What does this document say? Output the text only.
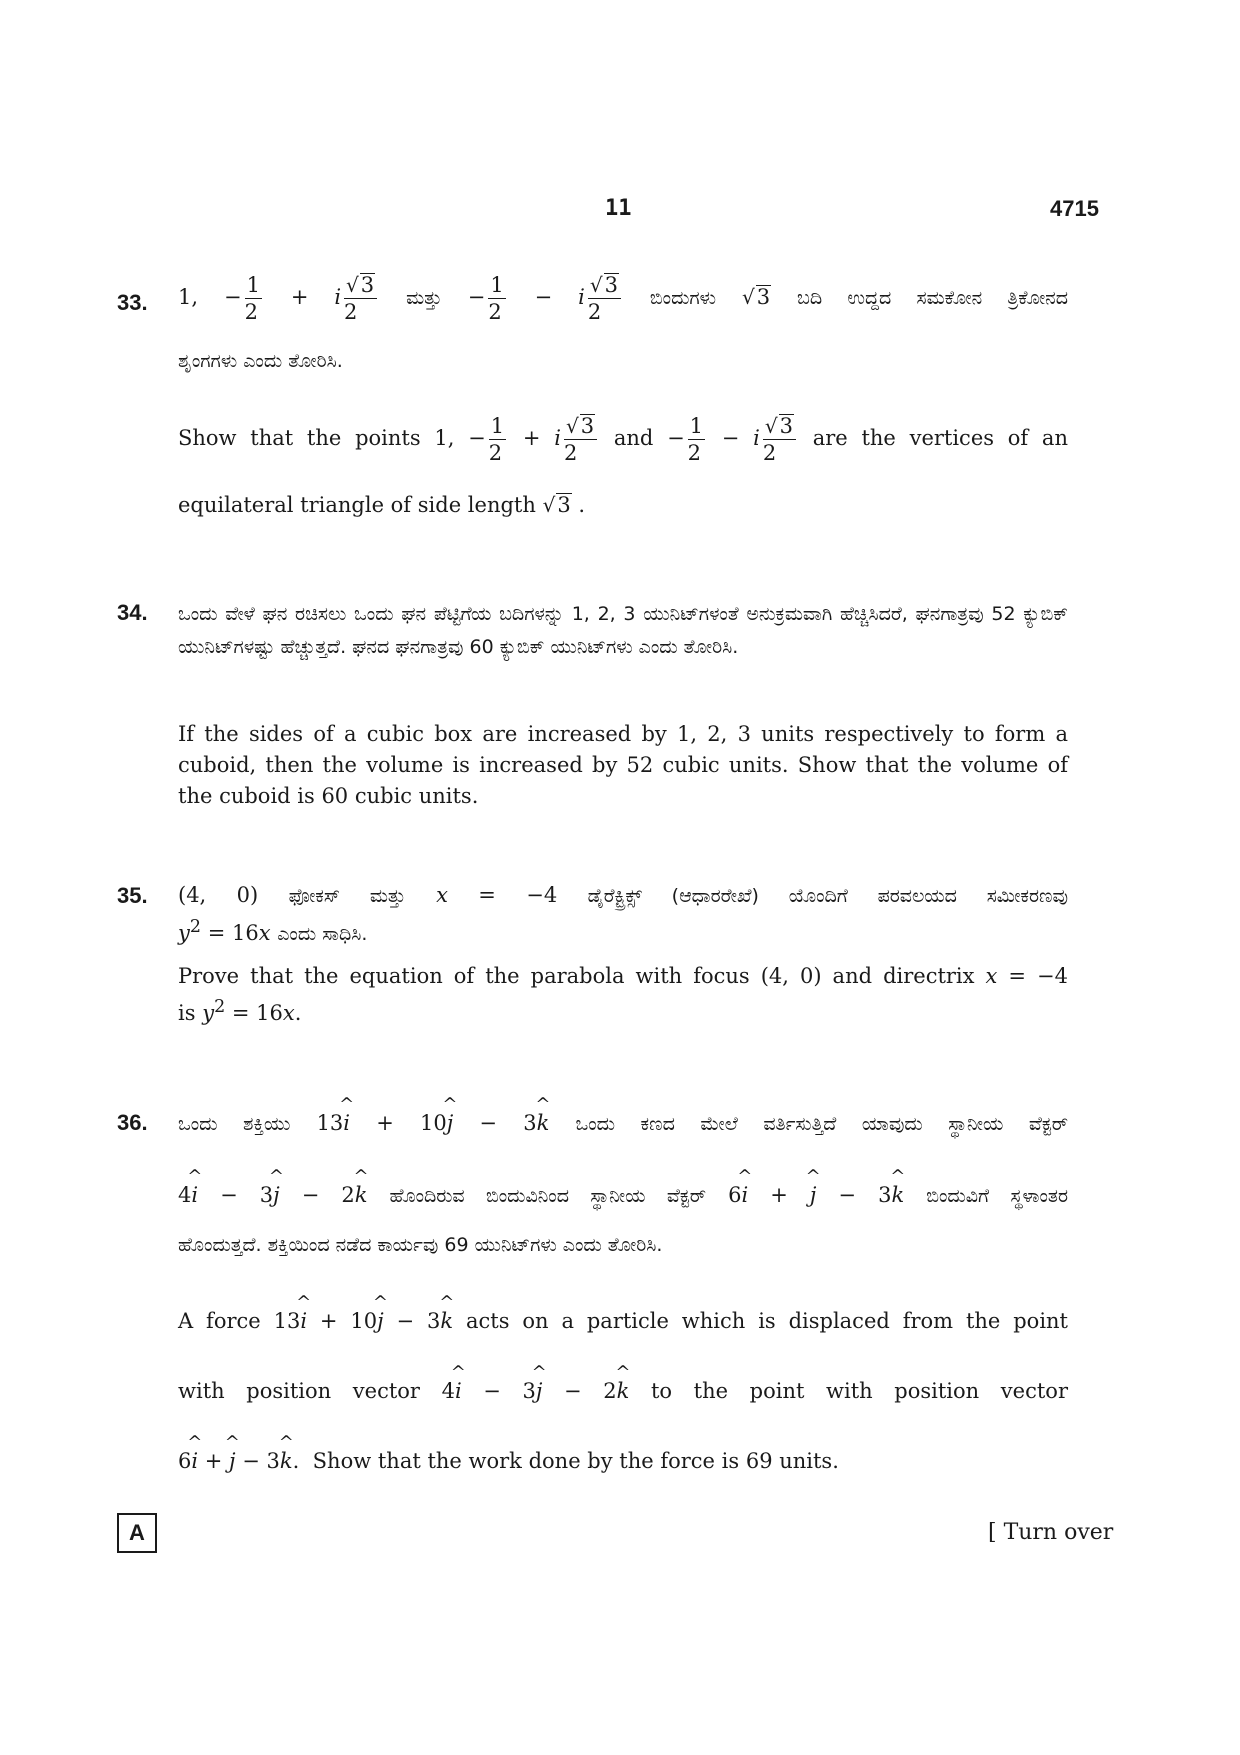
11	4715
33. 1, − $\frac{1}{2} + i \frac{√3}{2}$ ಮತ್ತು − $\frac{1}{2} - i \frac{√3}{2}$ ಬಿಂದುಗಳು √3 ಬದಿ ಉದ್ದದ ಸಮಕೋನ ತ್ರಿಕೋನದ
ಶೃಂಗಗಳು ಎಂದು ತೋರಿಸಿ.
Show that the points 1, − $\frac{1}{2} + i \frac{√3}{2}$ and − $\frac{1}{2} - i \frac{√3}{2}$ are the vertices of an
equilateral triangle of side length √3 .
34. ಒಂದು ವೇಳೆ ಘನ ರಚಿಸಲು ಒಂದು ಘನ ಪೆಟ್ಟಿಗೆಯ ಬದಿಗಳನ್ನು 1, 2, 3 ಯುನಿಟ್‌ಗಳಂತೆ ಅನುಕ್ರಮವಾಗಿ ಹೆಚ್ಚಿಸಿದರೆ, ಘನಗಾತ್ರವು 52 ಕ್ಯುಬಿಕ್ ಯುನಿಟ್‌ಗಳಷ್ಟು ಹೆಚ್ಚುತ್ತದೆ. ಘನದ ಘನಗಾತ್ರವು 60 ಕ್ಯುಬಿಕ್ ಯುನಿಟ್‌ಗಳು ಎಂದು ತೋರಿಸಿ.
If the sides of a cubic box are increased by 1, 2, 3 units respectively to form a cuboid, then the volume is increased by 52 cubic units. Show that the volume of the cuboid is 60 cubic units.
35. (4, 0) ಫೋಕಸ್ ಮತ್ತು x = −4 ಡೈರೆಕ್ಟ್ರಿಕ್ಸ್ (ಆಧಾರರೇಖೆ) ಯೊಂದಿಗೆ ಪರವಲಯದ ಸಮೀಕರಣವು
$y^2 = 16x$ ಎಂದು ಸಾಧಿಸಿ.
Prove that the equation of the parabola with focus (4, 0) and directrix x = −4
is $y^2 = 16x$.
36. ಒಂದು ಶಕ್ತಿಯು 13^ i + 10^ j − 3^ k ಒಂದು ಕಣದ ಮೇಲೆ ವರ್ತಿಸುತ್ತಿದೆ ಯಾವುದು ಸ್ಥಾನೀಯ ವೆಕ್ಟರ್
4^ i − 3^ j − 2^ k ಹೊಂದಿರುವ ಬಿಂದುವಿನಿಂದ ಸ್ಥಾನೀಯ ವೆಕ್ಟರ್ 6^ i + ^ j − 3^ k ಬಿಂದುವಿಗೆ ಸ್ಥಳಾಂತರ
ಹೊಂದುತ್ತದೆ. ಶಕ್ತಿಯಿಂದ ನಡೆದ ಕಾರ್ಯವು 69 ಯುನಿಟ್‌ಗಳು ಎಂದು ತೋರಿಸಿ.
A force 13^ i + 10^ j − 3^ k acts on a particle which is displaced from the point
with position vector 4^ i − 3^ j − 2^ k to the point with position vector
6^ i + ^ j − 3^ k. Show that the work done by the force is 69 units.
A	[ Turn over
